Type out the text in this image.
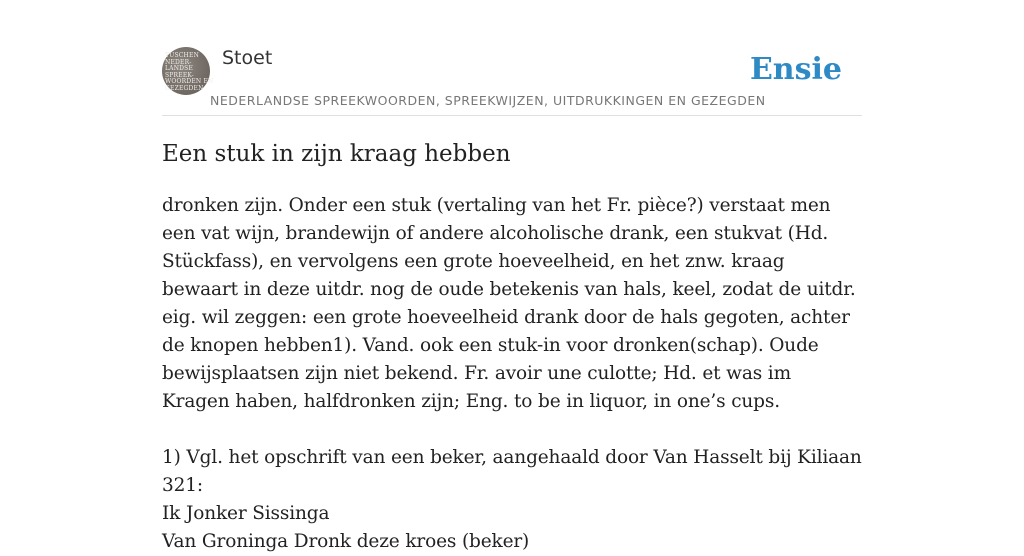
TUSCHEN
NEDER-
LANDSE
SPREEK-
WOORDEN EN
GEZEGDEN
Stoet
NEDERLANDSE SPREEKWOORDEN, SPREEKWIJZEN, UITDRUKKINGEN EN GEZEGDEN
Ensie
Een stuk in zijn kraag hebben

dronken zijn. Onder een stuk (vertaling van het Fr. pièce?) verstaat men een vat wijn, brandewijn of andere alcoholische drank, een stukvat (Hd. Stückfass), en vervolgens een grote hoeveelheid, en het znw. kraag bewaart in deze uitdr. nog de oude betekenis van hals, keel, zodat de uitdr. eig. wil zeggen: een grote hoeveelheid drank door de hals gegoten, achter de knopen hebben1). Vand. ook een stuk-in voor dronken(schap). Oude bewijsplaatsen zijn niet bekend. Fr. avoir une culotte; Hd. et was im Kragen haben, halfdronken zijn; Eng. to be in liquor, in one’s cups.

1) Vgl. het opschrift van een beker, aangehaald door Van Hasselt bij Kiliaan 321:

Ik Jonker Sissinga

Van Groninga Dronk deze kroes (beker)
